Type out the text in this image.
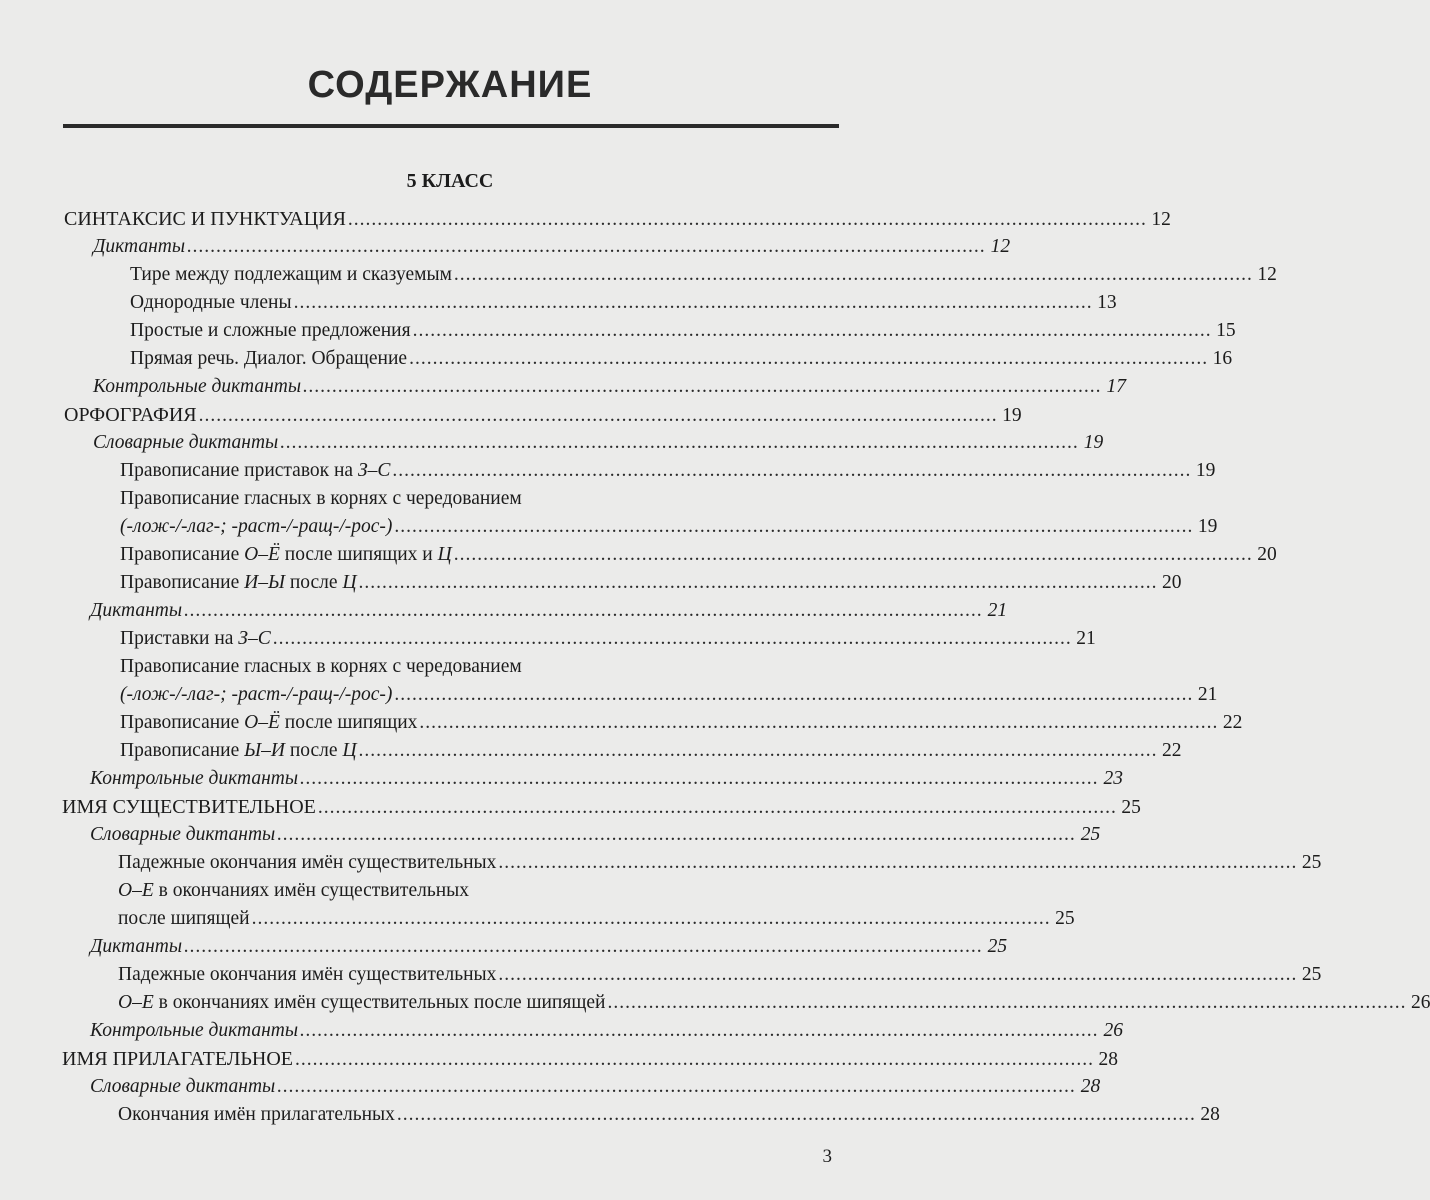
СОДЕРЖАНИЕ
5 КЛАСС
СИНТАКСИС И ПУНКТУАЦИЯ ........................................................................................................................................ 12
Диктанты ........................................................................................................................................ 12
Тире между подлежащим и сказуемым ........................................................................................................................................ 12
Однородные члены ........................................................................................................................................ 13
Простые и сложные предложения ........................................................................................................................................ 15
Прямая речь. Диалог. Обращение ........................................................................................................................................ 16
Контрольные диктанты ........................................................................................................................................ 17
ОРФОГРАФИЯ ........................................................................................................................................ 19
Словарные диктанты ........................................................................................................................................ 19
Правописание приставок на З–С ........................................................................................................................................ 19
Правописание гласных в корнях с чередованием
(-лож-/-лаг-; -раст-/-ращ-/-рос-) ........................................................................................................................................ 19
Правописание О–Ё после шипящих и Ц ........................................................................................................................................ 20
Правописание И–Ы после Ц ........................................................................................................................................ 20
Диктанты ........................................................................................................................................ 21
Приставки на З–С ........................................................................................................................................ 21
Правописание гласных в корнях с чередованием
(-лож-/-лаг-; -раст-/-ращ-/-рос-) ........................................................................................................................................ 21
Правописание О–Ё после шипящих ........................................................................................................................................ 22
Правописание Ы–И после Ц ........................................................................................................................................ 22
Контрольные диктанты ........................................................................................................................................ 23
ИМЯ СУЩЕСТВИТЕЛЬНОЕ ........................................................................................................................................ 25
Словарные диктанты ........................................................................................................................................ 25
Падежные окончания имён существительных ........................................................................................................................................ 25
О–Е в окончаниях имён существительных
после шипящей ........................................................................................................................................ 25
Диктанты ........................................................................................................................................ 25
Падежные окончания имён существительных ........................................................................................................................................ 25
О–Е в окончаниях имён существительных после шипящей ........................................................................................................................................ 26
Контрольные диктанты ........................................................................................................................................ 26
ИМЯ ПРИЛАГАТЕЛЬНОЕ ........................................................................................................................................ 28
Словарные диктанты ........................................................................................................................................ 28
Окончания имён прилагательных ........................................................................................................................................ 28
3
